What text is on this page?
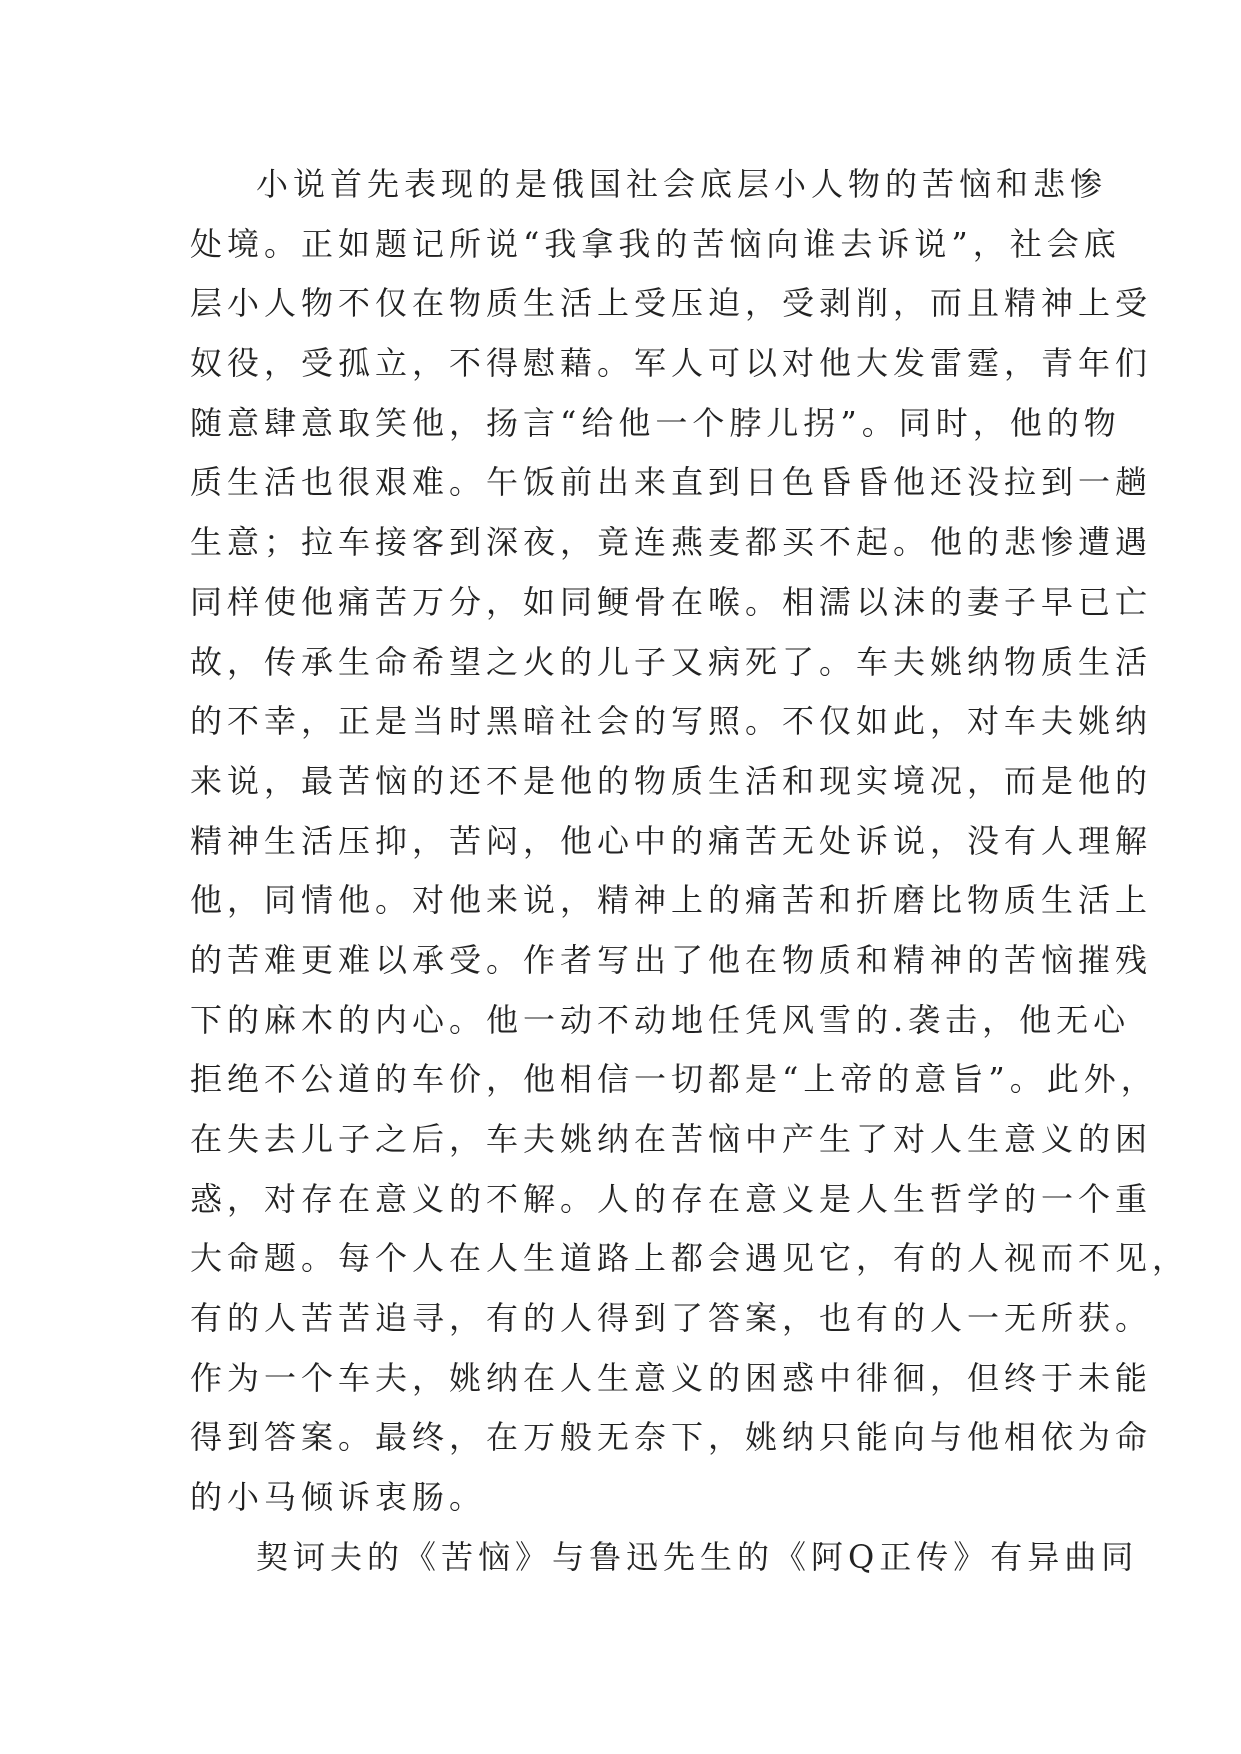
小说首先表现的是俄国社会底层小人物的苦恼和悲惨
处境。正如题记所说“我拿我的苦恼向谁去诉说”，社会底
层小人物不仅在物质生活上受压迫，受剥削，而且精神上受
奴役，受孤立，不得慰藉。军人可以对他大发雷霆，青年们
随意肆意取笑他，扬言“给他一个脖儿拐”。同时，他的物
质生活也很艰难。午饭前出来直到日色昏昏他还没拉到一趟
生意；拉车接客到深夜，竟连燕麦都买不起。他的悲惨遭遇
同样使他痛苦万分，如同鲠骨在喉。相濡以沫的妻子早已亡
故，传承生命希望之火的儿子又病死了。车夫姚纳物质生活
的不幸，正是当时黑暗社会的写照。不仅如此，对车夫姚纳
来说，最苦恼的还不是他的物质生活和现实境况，而是他的
精神生活压抑，苦闷，他心中的痛苦无处诉说，没有人理解
他，同情他。对他来说，精神上的痛苦和折磨比物质生活上
的苦难更难以承受。作者写出了他在物质和精神的苦恼摧残
下的麻木的内心。他一动不动地任凭风雪的.袭击，他无心
拒绝不公道的车价，他相信一切都是“上帝的意旨”。此外，
在失去儿子之后，车夫姚纳在苦恼中产生了对人生意义的困
惑，对存在意义的不解。人的存在意义是人生哲学的一个重
大命题。每个人在人生道路上都会遇见它，有的人视而不见，
有的人苦苦追寻，有的人得到了答案，也有的人一无所获。
作为一个车夫，姚纳在人生意义的困惑中徘徊，但终于未能
得到答案。最终，在万般无奈下，姚纳只能向与他相依为命
的小马倾诉衷肠。
契诃夫的《苦恼》与鲁迅先生的《阿Q正传》有异曲同
